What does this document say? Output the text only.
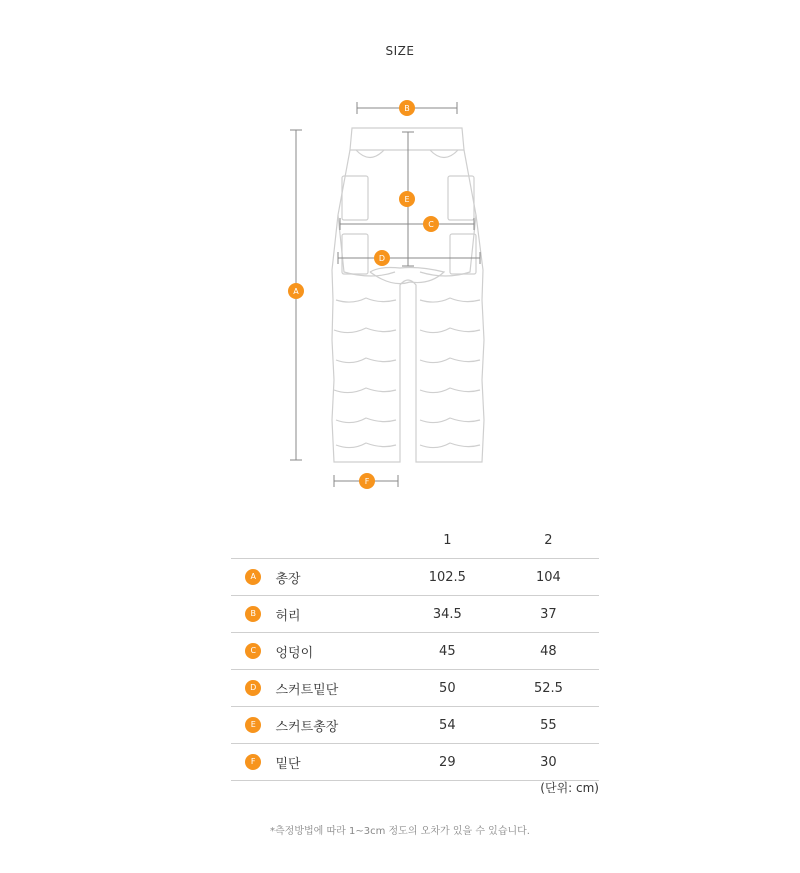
SIZE
A
B
C
D
E
F
		1	2
A	총장	102.5	104
B	허리	34.5	37
C	엉덩이	45	48
D	스커트밑단	50	52.5
E	스커트총장	54	55
F	밑단	29	30
(단위: cm)
*측정방법에 따라 1~3cm 정도의 오차가 있을 수 있습니다.
